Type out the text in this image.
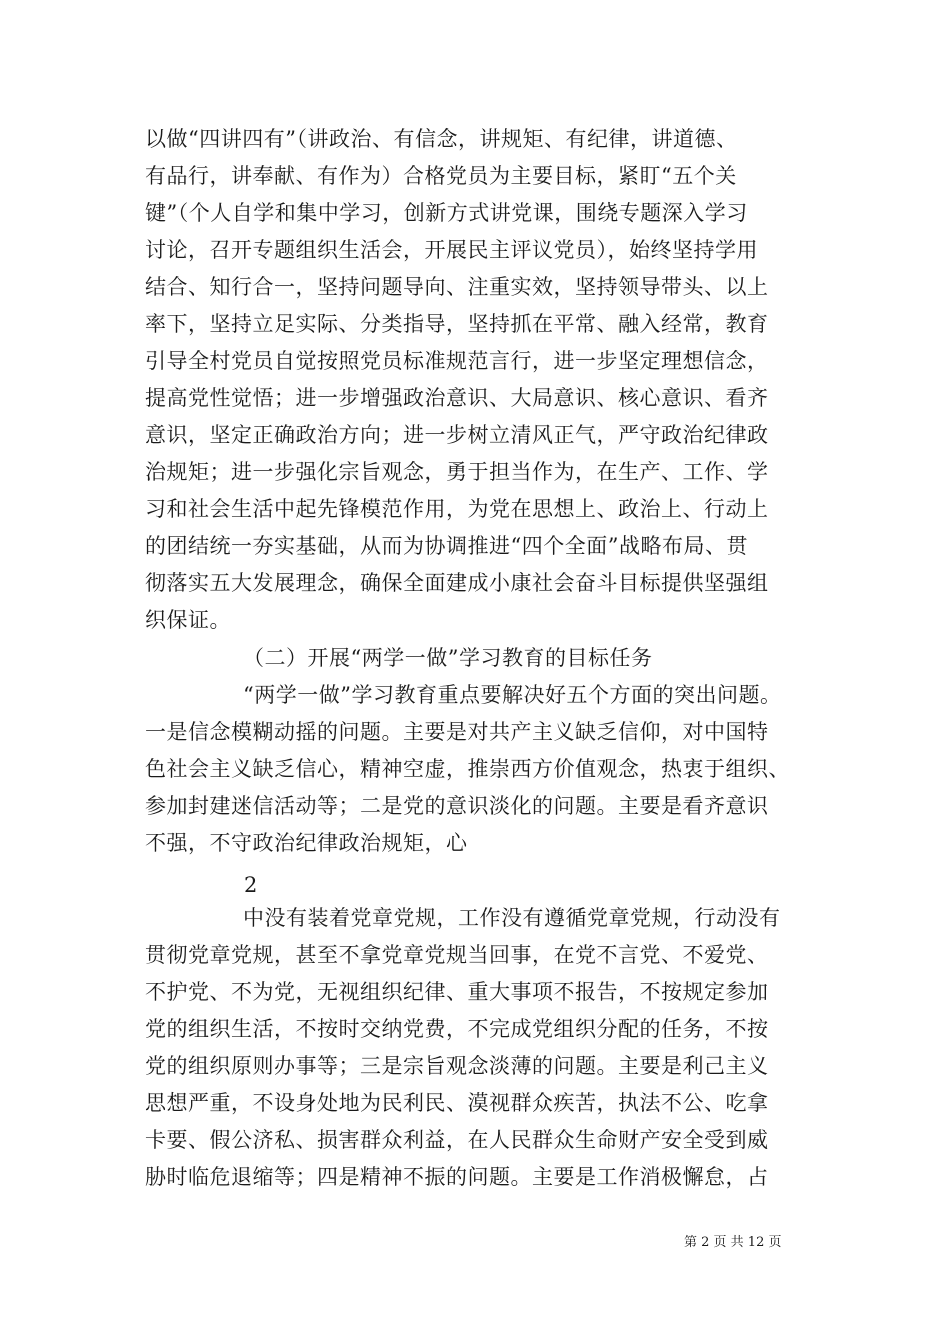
以做“四讲四有”（讲政治、有信念，讲规矩、有纪律，讲道德、
有品行，讲奉献、有作为）合格党员为主要目标，紧盯“五个关
键”（个人自学和集中学习，创新方式讲党课，围绕专题深入学习
讨论，召开专题组织生活会，开展民主评议党员），始终坚持学用
结合、知行合一，坚持问题导向、注重实效，坚持领导带头、以上
率下，坚持立足实际、分类指导，坚持抓在平常、融入经常，教育
引导全村党员自觉按照党员标准规范言行，进一步坚定理想信念，
提高党性觉悟；进一步增强政治意识、大局意识、核心意识、看齐
意识，坚定正确政治方向；进一步树立清风正气，严守政治纪律政
治规矩；进一步强化宗旨观念，勇于担当作为，在生产、工作、学
习和社会生活中起先锋模范作用，为党在思想上、政治上、行动上
的团结统一夯实基础，从而为协调推进“四个全面”战略布局、贯
彻落实五大发展理念，确保全面建成小康社会奋斗目标提供坚强组
织保证。
（二）开展“两学一做”学习教育的目标任务
“两学一做”学习教育重点要解决好五个方面的突出问题。
一是信念模糊动摇的问题。主要是对共产主义缺乏信仰，对中国特
色社会主义缺乏信心，精神空虚，推崇西方价值观念，热衷于组织、
参加封建迷信活动等；二是党的意识淡化的问题。主要是看齐意识
不强，不守政治纪律政治规矩，心
2
中没有装着党章党规，工作没有遵循党章党规，行动没有
贯彻党章党规，甚至不拿党章党规当回事，在党不言党、不爱党、
不护党、不为党，无视组织纪律、重大事项不报告，不按规定参加
党的组织生活，不按时交纳党费，不完成党组织分配的任务，不按
党的组织原则办事等；三是宗旨观念淡薄的问题。主要是利己主义
思想严重，不设身处地为民利民、漠视群众疾苦，执法不公、吃拿
卡要、假公济私、损害群众利益，在人民群众生命财产安全受到威
胁时临危退缩等；四是精神不振的问题。主要是工作消极懈怠，占
第 2 页 共 12 页
